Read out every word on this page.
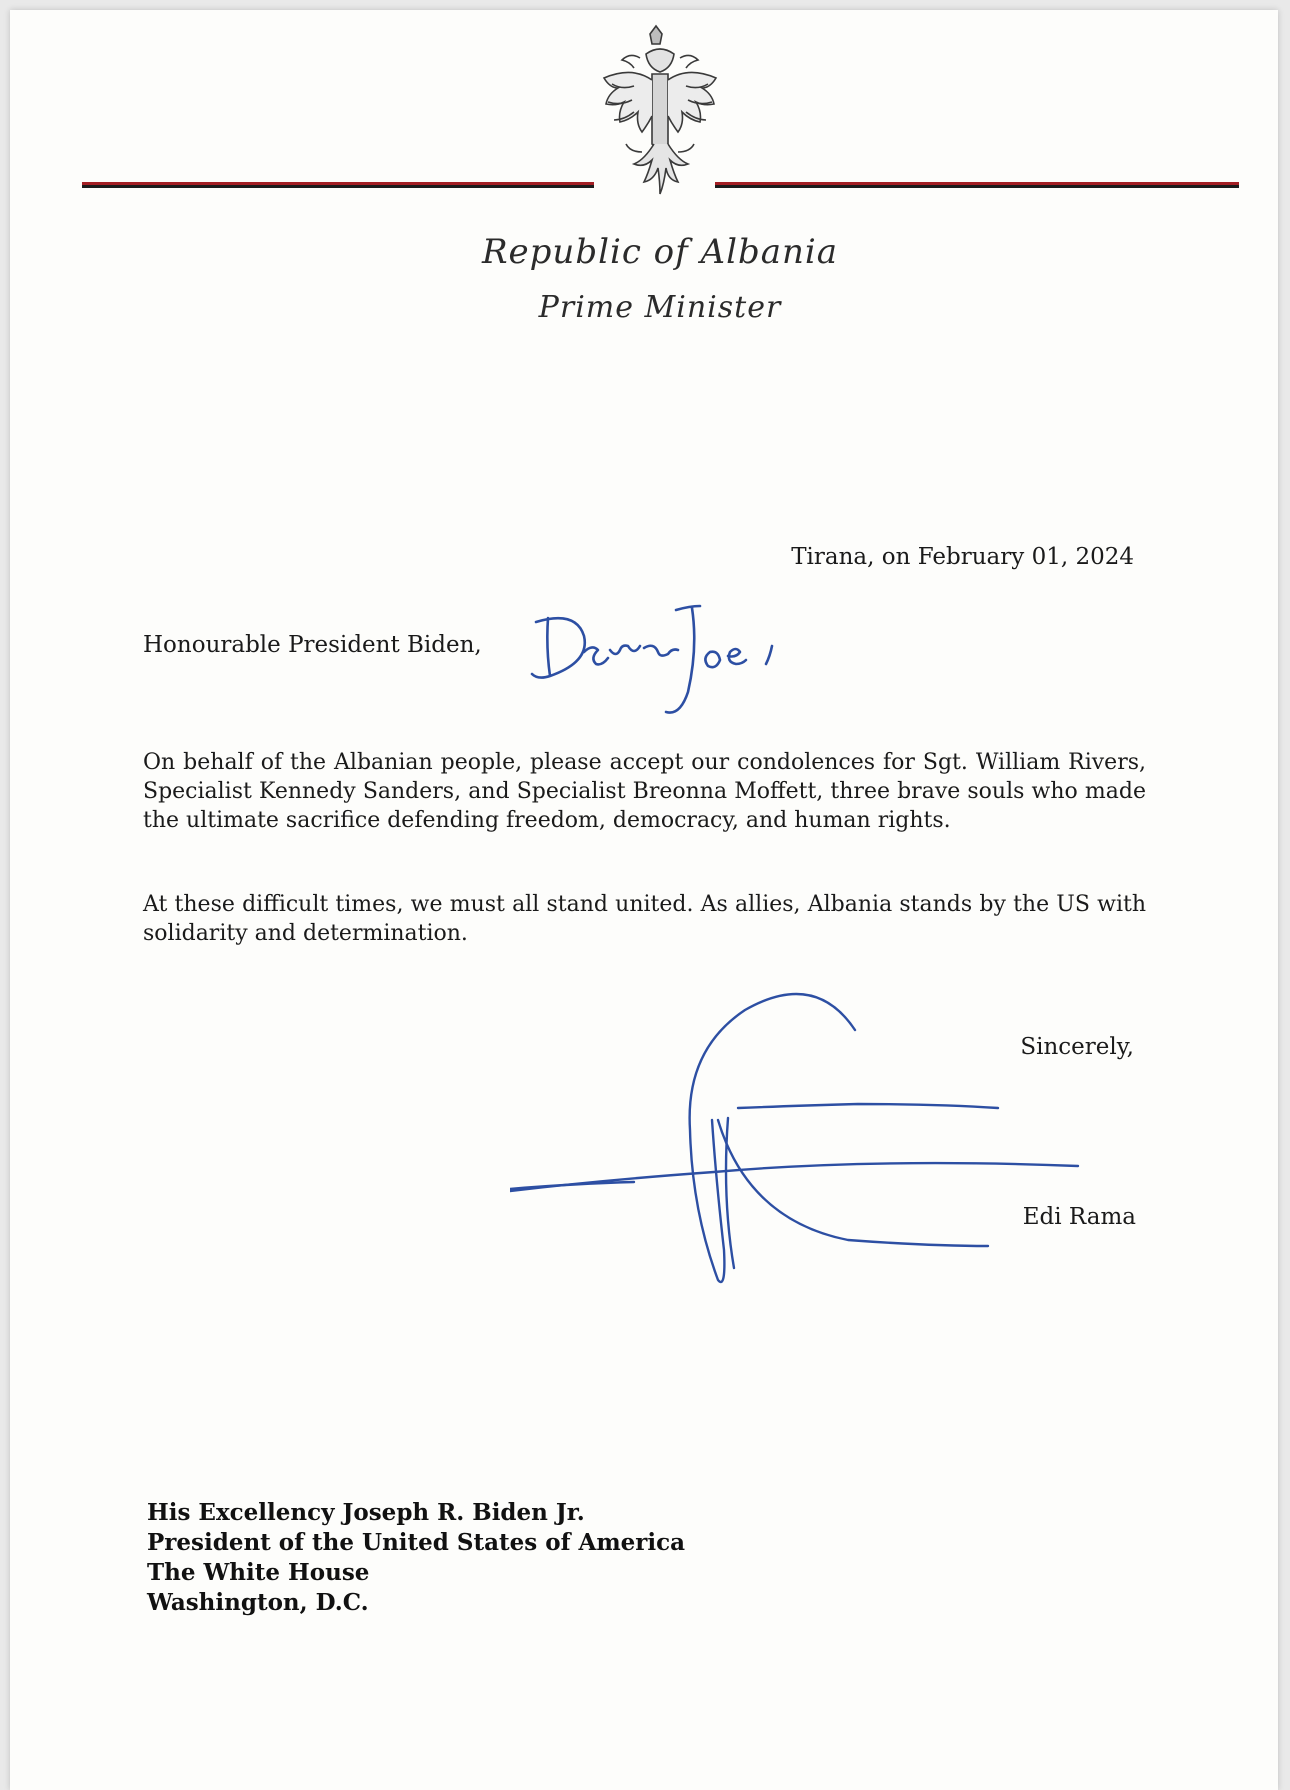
Republic of Albania
Prime Minister
Tirana, on February 01, 2024
Honourable President Biden,

On behalf of the Albanian people, please accept our condolences for Sgt. William Rivers, Specialist Kennedy Sanders, and Specialist Breonna Moffett, three brave souls who made the ultimate sacrifice defending freedom, democracy, and human rights.

At these difficult times, we must all stand united. As allies, Albania stands by the US with solidarity and determination.

Sincerely,
Edi Rama
His Excellency Joseph R. Biden Jr.
President of the United States of America
The White House
Washington, D.C.
